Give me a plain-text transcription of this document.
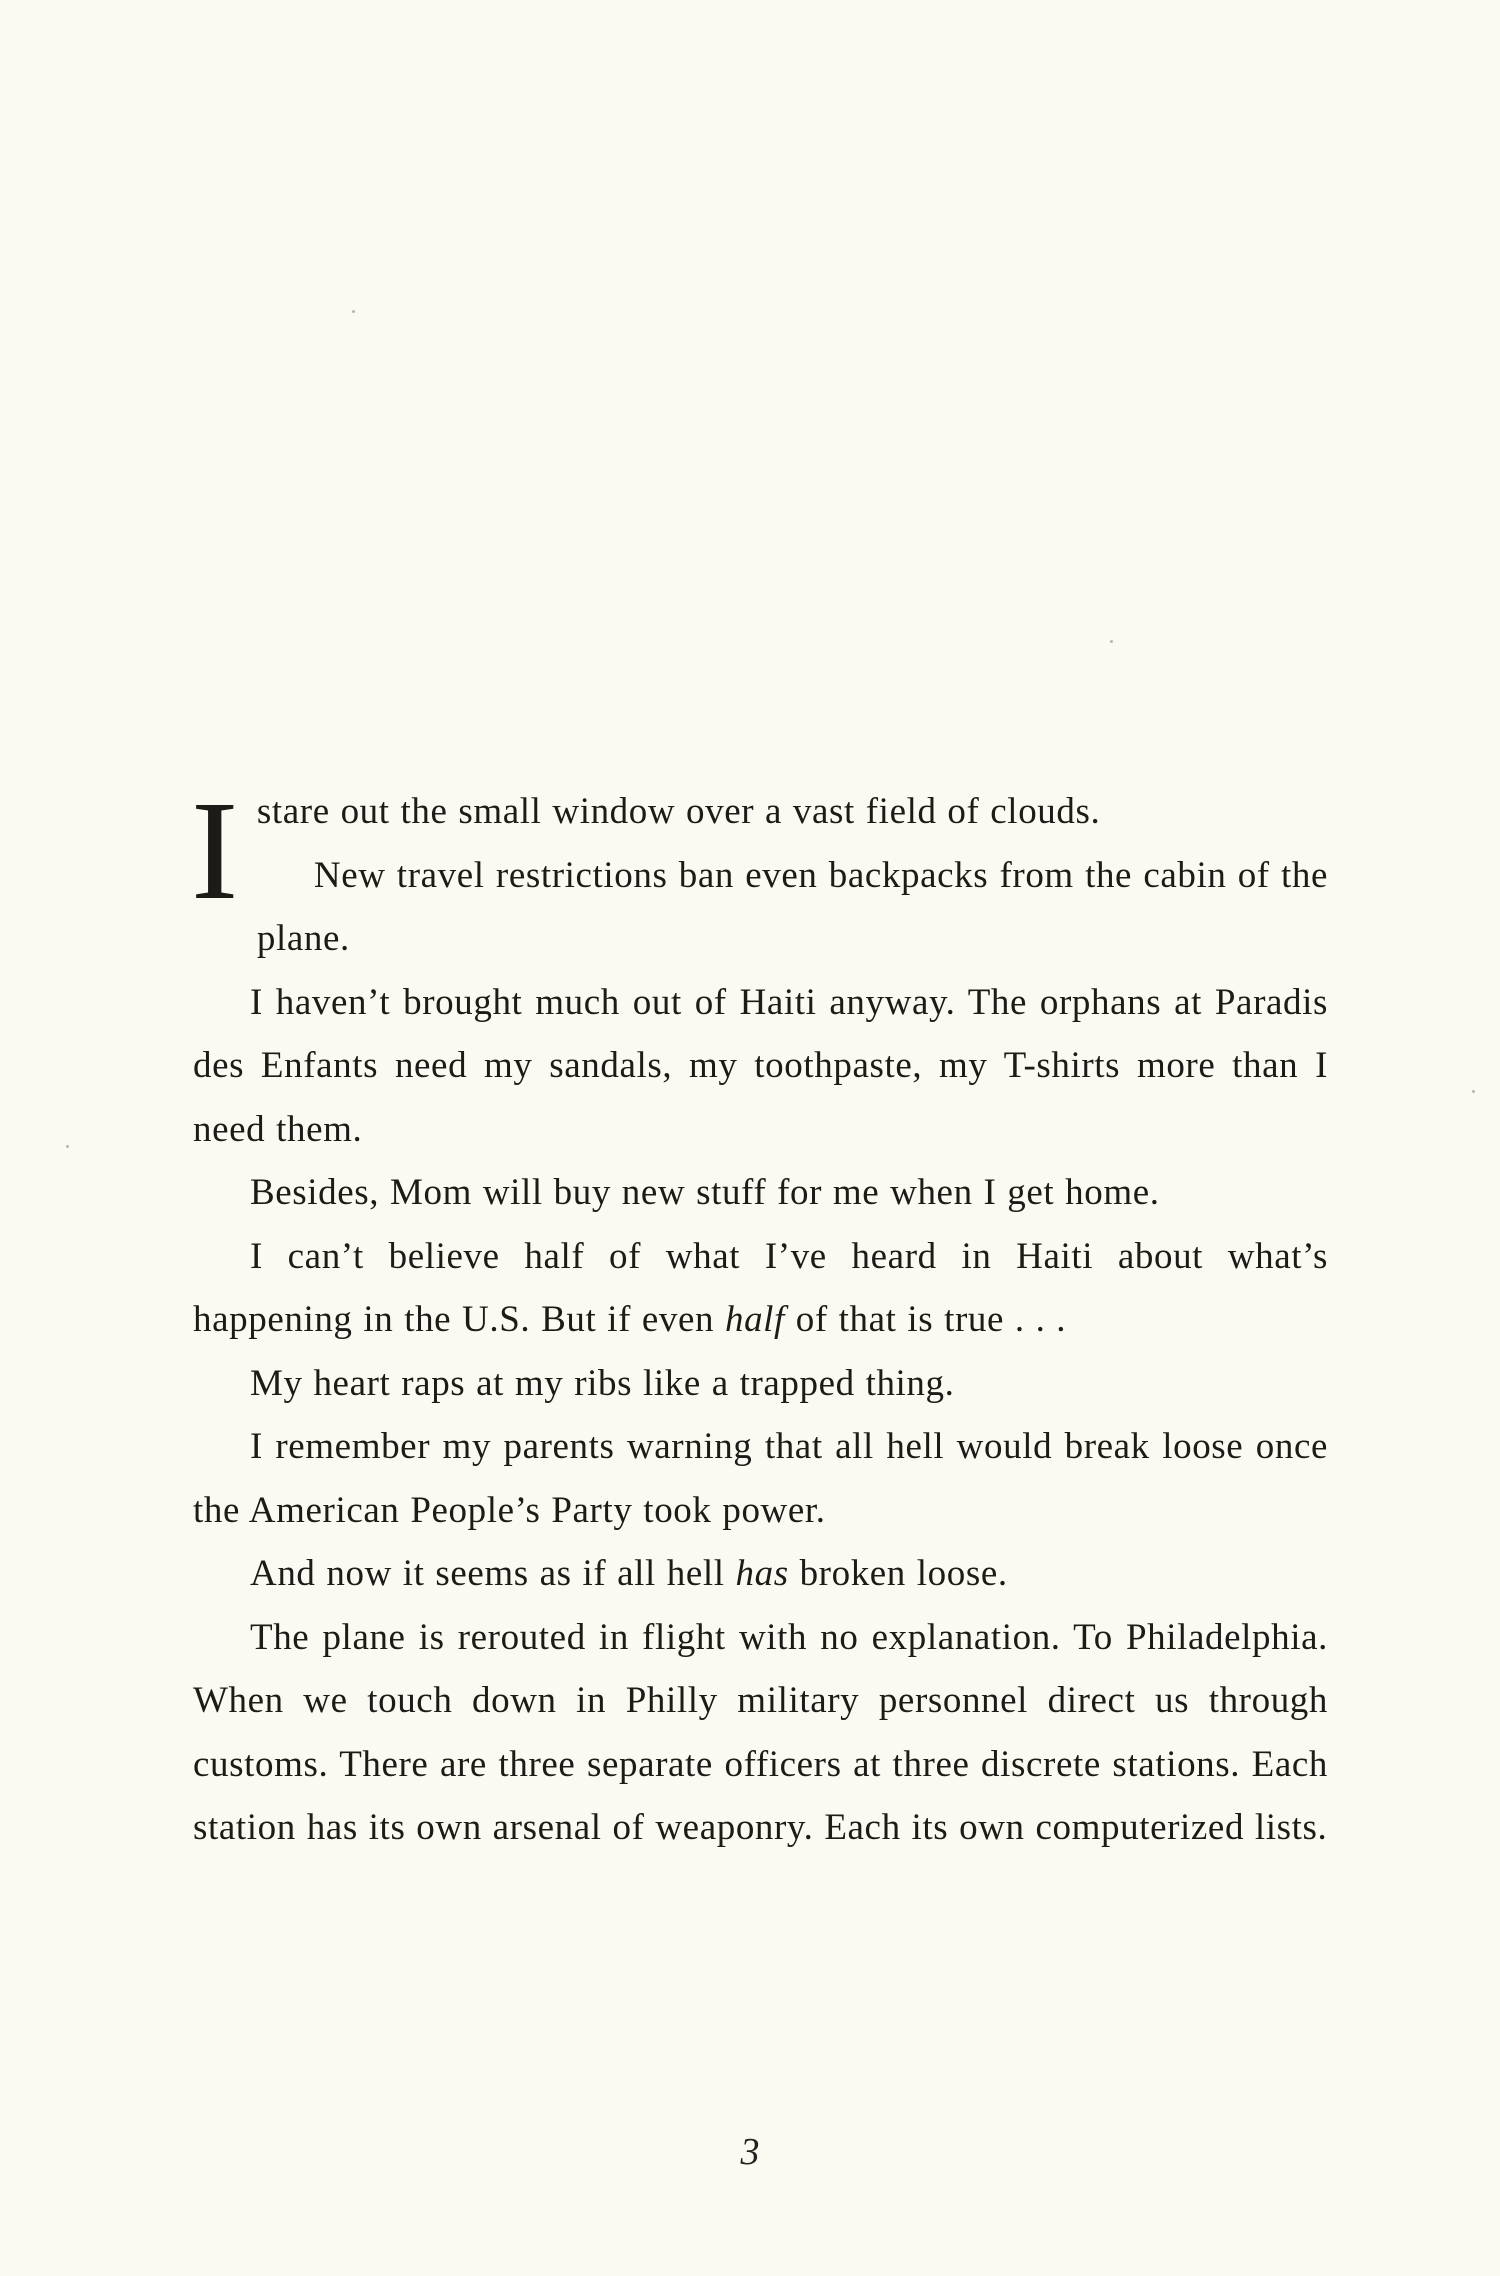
Istare out the small window over a vast field of clouds.

New travel restrictions ban even backpacks from the cabin of the plane.

I haven’t brought much out of Haiti anyway. The orphans at Paradis des Enfants need my sandals, my toothpaste, my T-shirts more than I need them.

Besides, Mom will buy new stuff for me when I get home.

I can’t believe half of what I’ve heard in Haiti about what’s happening in the U.S. But if even half of that is true . . .

My heart raps at my ribs like a trapped thing.

I remember my parents warning that all hell would break loose once the American People’s Party took power.

And now it seems as if all hell has broken loose.

The plane is rerouted in flight with no explanation. To Philadelphia. When we touch down in Philly military personnel direct us through customs. There are three separate officers at three discrete stations. Each station has its own arsenal of weaponry. Each its own computerized lists.

3
